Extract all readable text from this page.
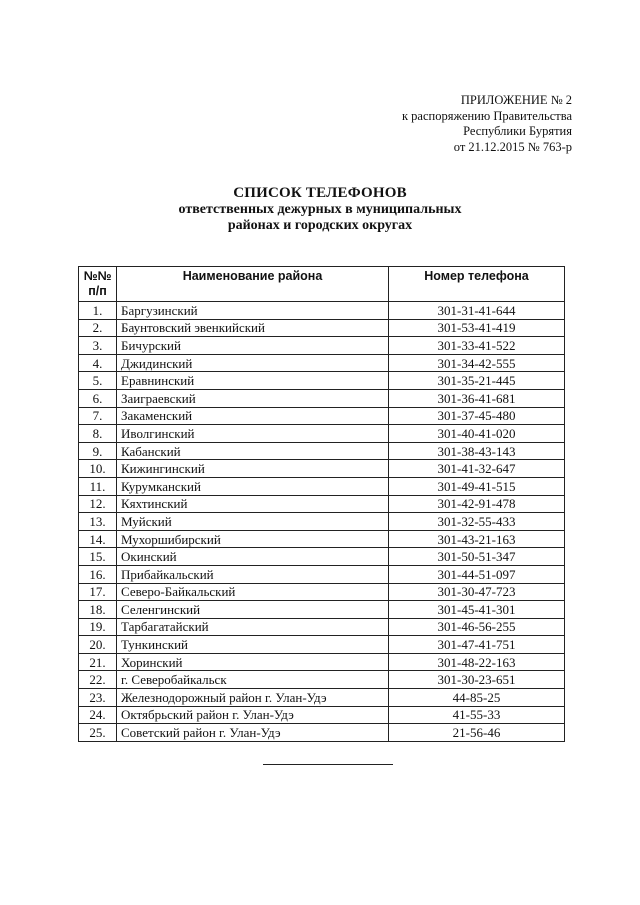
ПРИЛОЖЕНИЕ № 2
к распоряжению Правительства
Республики Бурятия
от 21.12.2015 № 763-р
СПИСОК ТЕЛЕФОНОВ
ответственных дежурных в муниципальных
районах и городских округах
№№
п/п	Наименование района	Номер телефона
1.	Баргузинский	301-31-41-644
2.	Баунтовский эвенкийский	301-53-41-419
3.	Бичурский	301-33-41-522
4.	Джидинский	301-34-42-555
5.	Еравнинский	301-35-21-445
6.	Заиграевский	301-36-41-681
7.	Закаменский	301-37-45-480
8.	Иволгинский	301-40-41-020
9.	Кабанский	301-38-43-143
10.	Кижингинский	301-41-32-647
11.	Курумканский	301-49-41-515
12.	Кяхтинский	301-42-91-478
13.	Муйский	301-32-55-433
14.	Мухоршибирский	301-43-21-163
15.	Окинский	301-50-51-347
16.	Прибайкальский	301-44-51-097
17.	Северо-Байкальский	301-30-47-723
18.	Селенгинский	301-45-41-301
19.	Тарбагатайский	301-46-56-255
20.	Тункинский	301-47-41-751
21.	Хоринский	301-48-22-163
22.	г. Северобайкальск	301-30-23-651
23.	Железнодорожный район г. Улан-Удэ	44-85-25
24.	Октябрьский район г. Улан-Удэ	41-55-33
25.	Советский район г. Улан-Удэ	21-56-46
